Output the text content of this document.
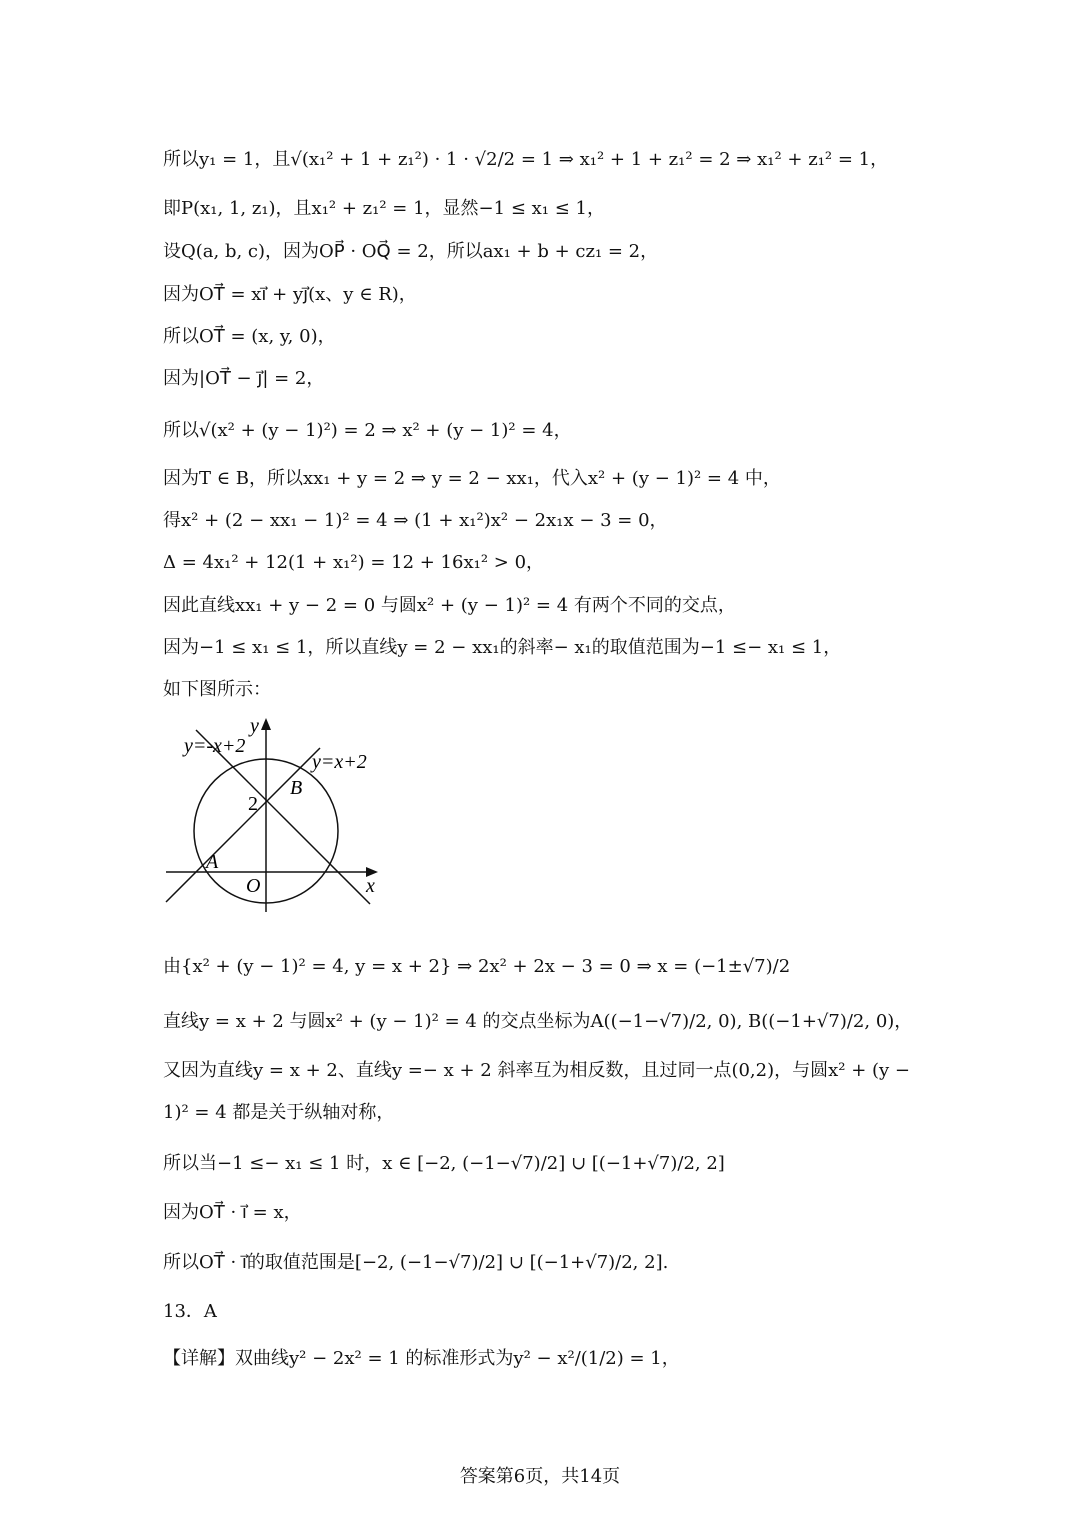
所以y₁ = 1，且√(x₁² + 1 + z₁²) · 1 · √2/2 = 1 ⇒ x₁² + 1 + z₁² = 2 ⇒ x₁² + z₁² = 1，
即P(x₁, 1, z₁)，且x₁² + z₁² = 1，显然−1 ≤ x₁ ≤ 1，
设Q(a, b, c)，因为OP⃗ · OQ⃗ = 2，所以ax₁ + b + cz₁ = 2，
因为OT⃗ = xi⃗ + yj⃗(x、y ∈ R)，
所以OT⃗ = (x, y, 0)，
因为|OT⃗ − j⃗| = 2，
所以√(x² + (y − 1)²) = 2 ⇒ x² + (y − 1)² = 4，
因为T ∈ B，所以xx₁ + y = 2 ⇒ y = 2 − xx₁，代入x² + (y − 1)² = 4 中，
得x² + (2 − xx₁ − 1)² = 4 ⇒ (1 + x₁²)x² − 2x₁x − 3 = 0，
Δ = 4x₁² + 12(1 + x₁²) = 12 + 16x₁² > 0，
因此直线xx₁ + y − 2 = 0 与圆x² + (y − 1)² = 4 有两个不同的交点，
因为−1 ≤ x₁ ≤ 1，所以直线y = 2 − xx₁的斜率− x₁的取值范围为−1 ≤− x₁ ≤ 1，
如下图所示：
y=-x+2
y=x+2
y
x
O
A
B
2
由{x² + (y − 1)² = 4, y = x + 2} ⇒ 2x² + 2x − 3 = 0 ⇒ x = (−1±√7)/2
直线y = x + 2 与圆x² + (y − 1)² = 4 的交点坐标为A((−1−√7)/2, 0), B((−1+√7)/2, 0)，
又因为直线y = x + 2、直线y =− x + 2 斜率互为相反数，且过同一点(0,2)，与圆x² + (y −
1)² = 4 都是关于纵轴对称，
所以当−1 ≤− x₁ ≤ 1 时，x ∈ [−2, (−1−√7)/2] ∪ [(−1+√7)/2, 2]
因为OT⃗ · i⃗ = x，
所以OT⃗ · i⃗的取值范围是[−2, (−1−√7)/2] ∪ [(−1+√7)/2, 2].
13．A
【详解】双曲线y² − 2x² = 1 的标准形式为y² − x²/(1/2) = 1，
答案第6页，共14页
